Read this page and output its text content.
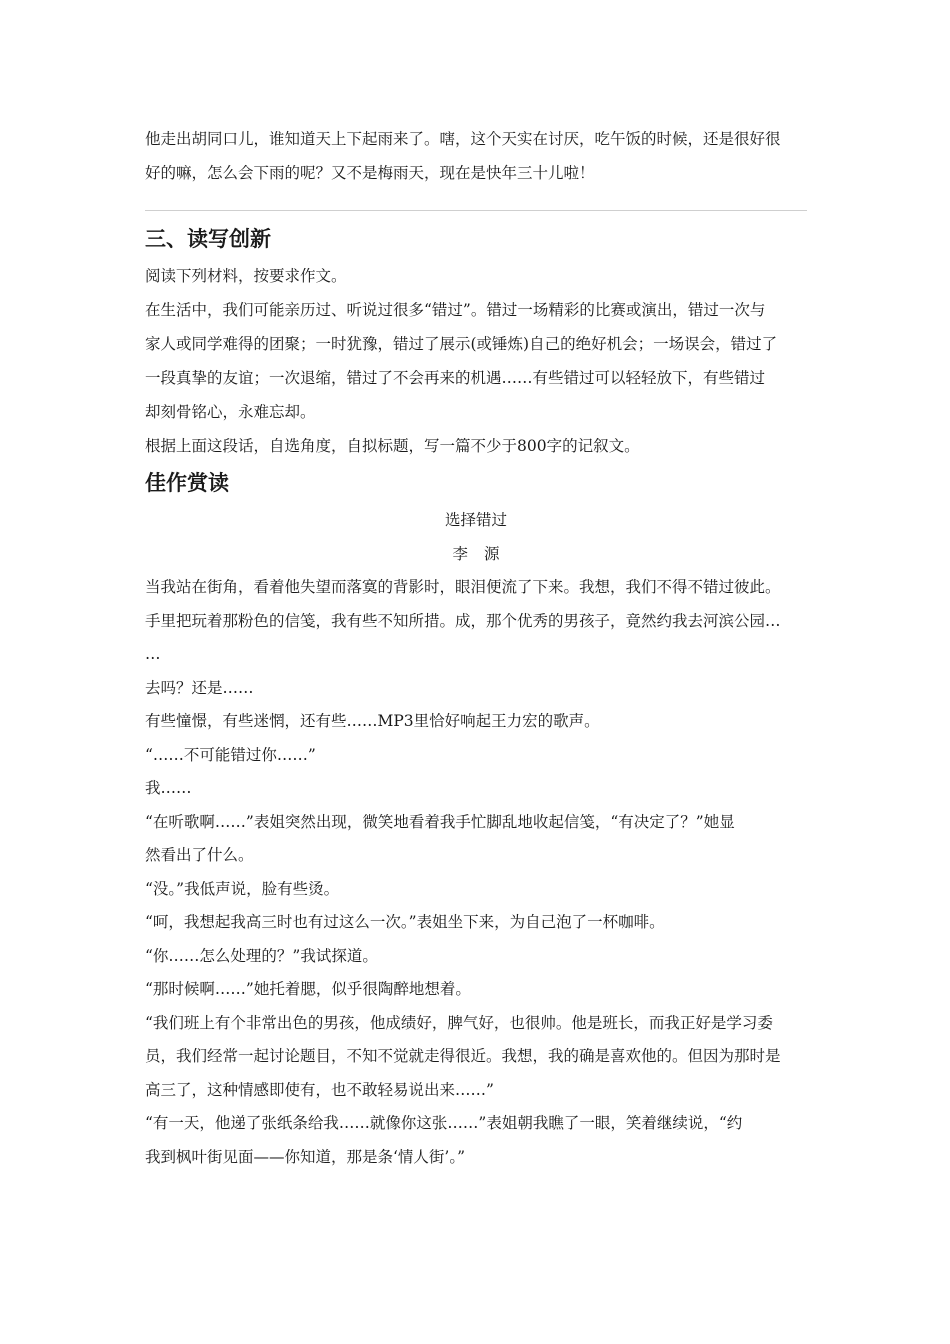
他走出胡同口儿，谁知道天上下起雨来了。嗐，这个天实在讨厌，吃午饭的时候，还是很好很

好的嘛，怎么会下雨的呢？又不是梅雨天，现在是快年三十儿啦！

三、读写创新

阅读下列材料，按要求作文。

在生活中，我们可能亲历过、听说过很多“错过”。错过一场精彩的比赛或演出，错过一次与

家人或同学难得的团聚；一时犹豫，错过了展示(或锤炼)自己的绝好机会；一场误会，错过了

一段真挚的友谊；一次退缩，错过了不会再来的机遇……有些错过可以轻轻放下，有些错过

却刻骨铭心，永难忘却。

根据上面这段话，自选角度，自拟标题，写一篇不少于800字的记叙文。

佳作赏读

选择错过

李 源

当我站在街角，看着他失望而落寞的背影时，眼泪便流了下来。我想，我们不得不错过彼此。

手里把玩着那粉色的信笺，我有些不知所措。成，那个优秀的男孩子，竟然约我去河滨公园…

…

去吗？还是……

有些憧憬，有些迷惘，还有些……MP3里恰好响起王力宏的歌声。

“……不可能错过你……”

我……

“在听歌啊……”表姐突然出现，微笑地看着我手忙脚乱地收起信笺，“有决定了？”她显

然看出了什么。

“没。”我低声说，脸有些烫。

“呵，我想起我高三时也有过这么一次。”表姐坐下来，为自己泡了一杯咖啡。

“你……怎么处理的？”我试探道。

“那时候啊……”她托着腮，似乎很陶醉地想着。

“我们班上有个非常出色的男孩，他成绩好，脾气好，也很帅。他是班长，而我正好是学习委

员，我们经常一起讨论题目，不知不觉就走得很近。我想，我的确是喜欢他的。但因为那时是

高三了，这种情感即使有，也不敢轻易说出来……”

“有一天，他递了张纸条给我……就像你这张……”表姐朝我瞧了一眼，笑着继续说，“约

我到枫叶街见面——你知道，那是条‘情人街’。”
